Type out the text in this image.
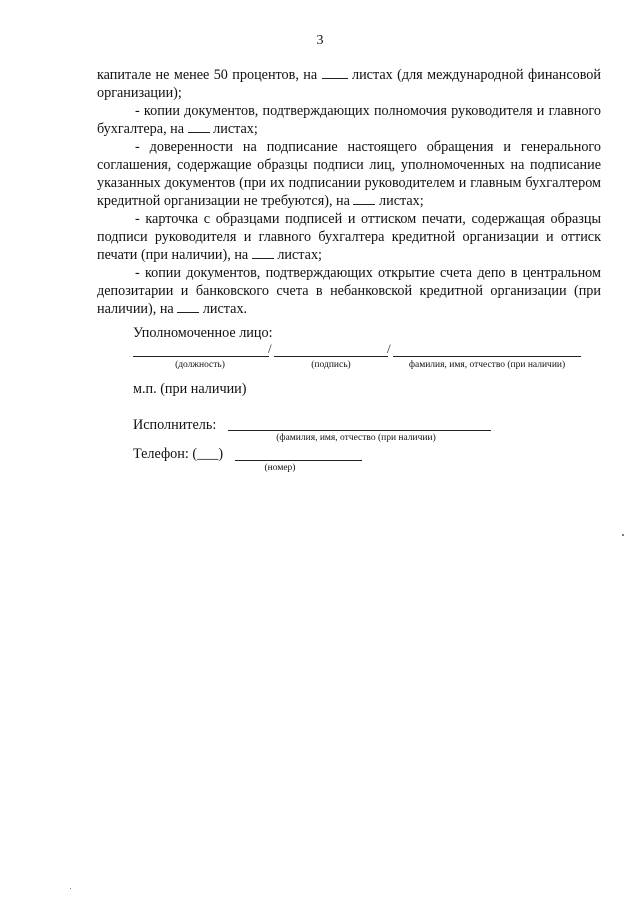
3

капитале не менее 50 процентов, на  листах (для международной финансовой организации);

- копии документов, подтверждающих полномочия руководителя и главного бухгалтера, на  листах;

- доверенности на подписание настоящего обращения и генерального соглашения, содержащие образцы подписи лиц, уполномоченных на подписание указанных документов (при их подписании руководителем и главным бухгалтером кредитной организации не требуются), на  листах;

- карточка с образцами подписей и оттиском печати, содержащая образцы подписи руководителя и главного бухгалтера кредитной организации и оттиск печати (при наличии), на  листах;

- копии документов, подтверждающих открытие счета депо в центральном депозитарии и банковского счета в небанковской кредитной организации (при наличии), на  листах.

Уполномоченное лицо:
/	/
(должность)	(подпись)	фамилия, имя, отчество (при наличии)
м.п. (при наличии)
Исполнитель:
(фамилия, имя, отчество (при наличии)
Телефон: (___)
(номер)
